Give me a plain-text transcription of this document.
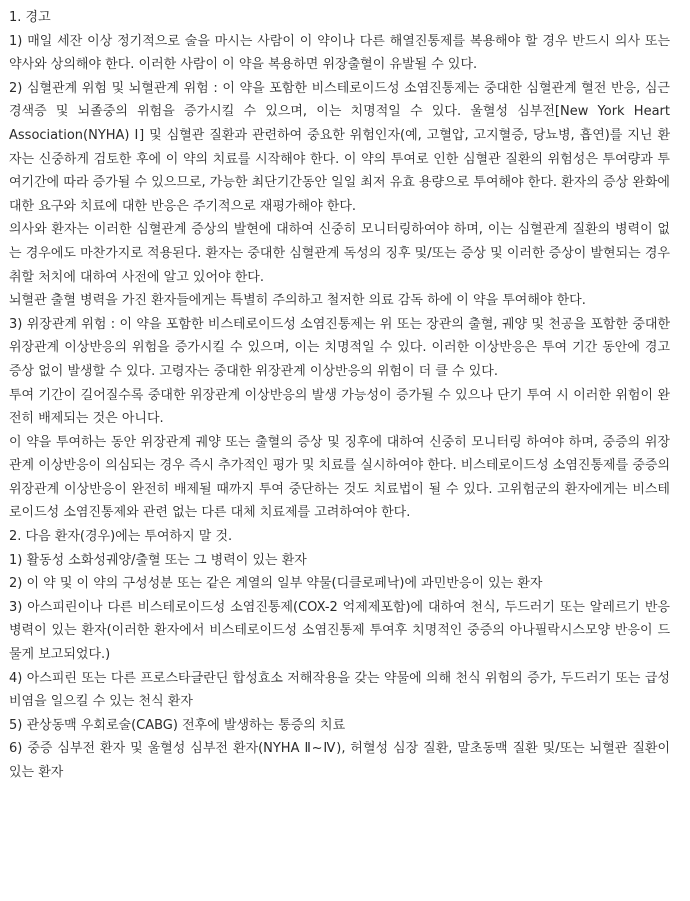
1. 경고

1) 매일 세잔 이상 정기적으로 술을 마시는 사람이 이 약이나 다른 해열진통제를 복용해야 할 경우 반드시 의사 또는 약사와 상의해야 한다. 이러한 사람이 이 약을 복용하면 위장출혈이 유발될 수 있다.

2) 심혈관계 위험 및 뇌혈관계 위험 : 이 약을 포함한 비스테로이드성 소염진통제는 중대한 심혈관계 혈전 반응, 심근경색증 및 뇌졸중의 위험을 증가시킬 수 있으며, 이는 치명적일 수 있다. 울혈성 심부전[New York Heart Association(NYHA) Ⅰ] 및 심혈관 질환과 관련하여 중요한 위험인자(예, 고혈압, 고지혈증, 당뇨병, 흡연)를 지닌 환자는 신중하게 검토한 후에 이 약의 치료를 시작해야 한다. 이 약의 투여로 인한 심혈관 질환의 위험성은 투여량과 투여기간에 따라 증가될 수 있으므로, 가능한 최단기간동안 일일 최저 유효 용량으로 투여해야 한다. 환자의 증상 완화에 대한 요구와 치료에 대한 반응은 주기적으로 재평가해야 한다.

의사와 환자는 이러한 심혈관계 증상의 발현에 대하여 신중히 모니터링하여야 하며, 이는 심혈관계 질환의 병력이 없는 경우에도 마찬가지로 적용된다. 환자는 중대한 심혈관계 독성의 징후 및/또는 증상 및 이러한 증상이 발현되는 경우 취할 처치에 대하여 사전에 알고 있어야 한다.

뇌혈관 출혈 병력을 가진 환자들에게는 특별히 주의하고 철저한 의료 감독 하에 이 약을 투여해야 한다.

3) 위장관계 위험 : 이 약을 포함한 비스테로이드성 소염진통제는 위 또는 장관의 출혈, 궤양 및 천공을 포함한 중대한 위장관계 이상반응의 위험을 증가시킬 수 있으며, 이는 치명적일 수 있다. 이러한 이상반응은 투여 기간 동안에 경고 증상 없이 발생할 수 있다. 고령자는 중대한 위장관계 이상반응의 위험이 더 클 수 있다.

투여 기간이 길어질수록 중대한 위장관계 이상반응의 발생 가능성이 증가될 수 있으나 단기 투여 시 이러한 위험이 완전히 배제되는 것은 아니다.

이 약을 투여하는 동안 위장관계 궤양 또는 출혈의 증상 및 징후에 대하여 신중히 모니터링 하여야 하며, 중증의 위장관계 이상반응이 의심되는 경우 즉시 추가적인 평가 및 치료를 실시하여야 한다. 비스테로이드성 소염진통제를 중증의 위장관계 이상반응이 완전히 배제될 때까지 투여 중단하는 것도 치료법이 될 수 있다. 고위험군의 환자에게는 비스테로이드성 소염진통제와 관련 없는 다른 대체 치료제를 고려하여야 한다.

2. 다음 환자(경우)에는 투여하지 말 것.

1) 활동성 소화성궤양/출혈 또는 그 병력이 있는 환자

2) 이 약 및 이 약의 구성성분 또는 같은 계열의 일부 약물(디클로페낙)에 과민반응이 있는 환자

3) 아스피린이나 다른 비스테로이드성 소염진통제(COX-2 억제제포함)에 대하여 천식, 두드러기 또는 알레르기 반응 병력이 있는 환자(이러한 환자에서 비스테로이드성 소염진통제 투여후 치명적인 중증의 아나필락시스모양 반응이 드물게 보고되었다.)

4) 아스피린 또는 다른 프로스타글란딘 합성효소 저해작용을 갖는 약물에 의해 천식 위험의 증가, 두드러기 또는 급성비염을 일으킬 수 있는 천식 환자

5) 관상동맥 우회로술(CABG) 전후에 발생하는 통증의 치료

6) 중증 심부전 환자 및 울혈성 심부전 환자(NYHA Ⅱ~Ⅳ), 허혈성 심장 질환, 말초동맥 질환 및/또는 뇌혈관 질환이 있는 환자
